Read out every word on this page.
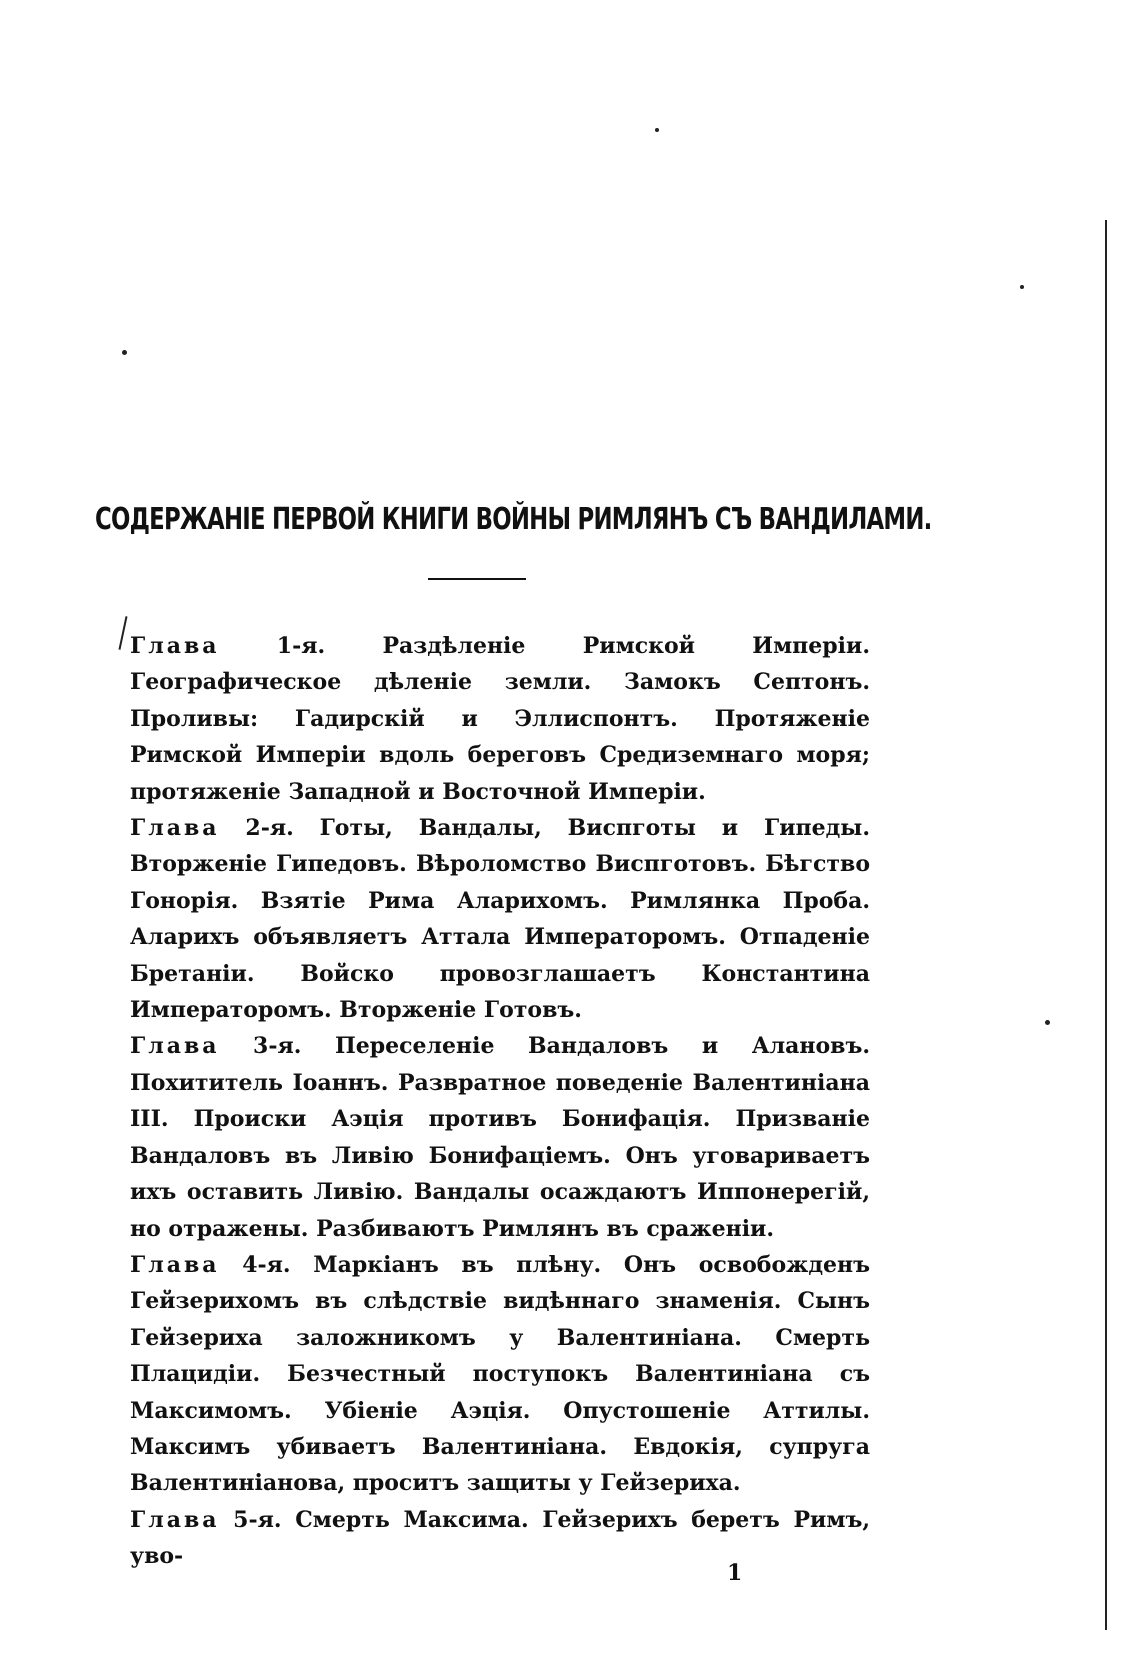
СОДЕРЖАНІЕ ПЕРВОЙ КНИГИ ВОЙНЫ РИМЛЯНЪ СЪ ВАНДИЛАМИ.

Глава 1-я. Раздѣленіе Римской Имперіи. Географическое дѣленіе земли. Замокъ Септонъ. Проливы: Гадирскій и Эллиспонтъ. Протяженіе Римской Имперіи вдоль береговъ Средиземнаго моря; протяженіе Западной и Восточной Имперіи.

Глава 2-я. Готы, Вандалы, Виспготы и Гипеды. Вторженіе Гипедовъ. Вѣроломство Виспготовъ. Бѣгство Гонорія. Взятіе Рима Аларихомъ. Римлянка Проба. Аларихъ объявляетъ Аттала Императоромъ. Отпаденіе Бретаніи. Войско провозглашаетъ Константина Императоромъ. Вторженіе Готовъ.

Глава 3-я. Переселеніе Вандаловъ и Алановъ. Похититель Іоаннъ. Развратное поведеніе Валентиніана III. Происки Аэція противъ Бонифація. Призваніе Вандаловъ въ Ливію Бонифаціемъ. Онъ уговариваетъ ихъ оставить Ливію. Вандалы осаждаютъ Иппонерегій, но отражены. Разбиваютъ Римлянъ въ сраженіи.

Глава 4-я. Маркіанъ въ плѣну. Онъ освобожденъ Гейзерихомъ въ слѣдствіе видѣннаго знаменія. Сынъ Гейзериха заложникомъ у Валентиніана. Смерть Плацидіи. Безчестный поступокъ Валентиніана съ Максимомъ. Убіеніе Аэція. Опустошеніе Аттилы. Максимъ убиваетъ Валентиніана. Евдокія, супруга Валентиніанова, проситъ защиты у Гейзериха.

Глава 5-я. Смерть Максима. Гейзерихъ беретъ Римъ, уво-

1
